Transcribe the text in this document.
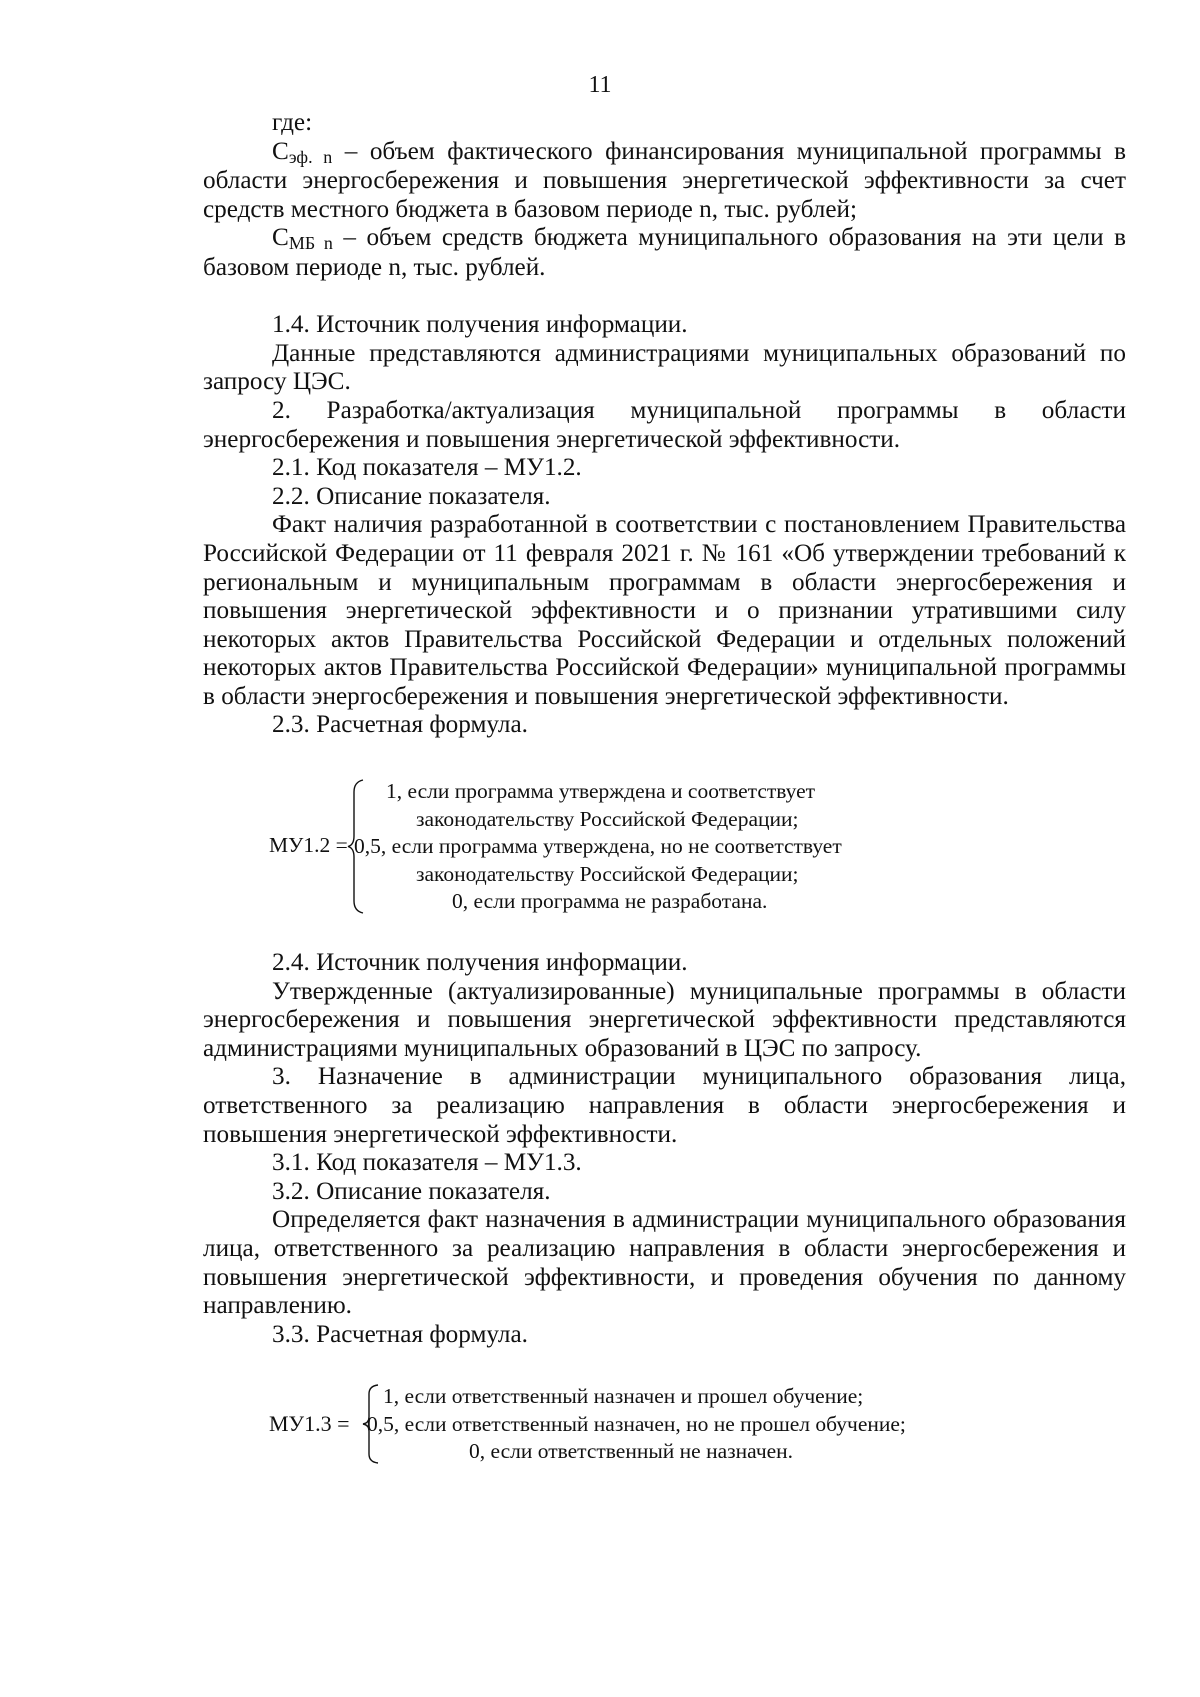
11

где:

Сэф. n – объем фактического финансирования муниципальной программы в области энергосбережения и повышения энергетической эффективности за счет средств местного бюджета в базовом периоде n, тыс. рублей;

СМБ n – объем средств бюджета муниципального образования на эти цели в базовом периоде n, тыс. рублей.

1.4. Источник получения информации.

Данные представляются администрациями муниципальных образований по запросу ЦЭС.

2. Разработка/актуализация муниципальной программы в области энергосбережения и повышения энергетической эффективности.

2.1. Код показателя – МУ1.2.

2.2. Описание показателя.

Факт наличия разработанной в соответствии с постановлением Правительства Российской Федерации от 11 февраля 2021 г. № 161 «Об утверждении требований к региональным и муниципальным программам в области энергосбережения и повышения энергетической эффективности и о признании утратившими силу некоторых актов Правительства Российской Федерации и отдельных положений некоторых актов Правительства Российской Федерации» муниципальной программы в области энергосбережения и повышения энергетической эффективности.

2.3. Расчетная формула.

МУ1.2 =
1, если программа утверждена и соответствует
законодательству Российской Федерации;
0,5, если программа утверждена, но не соответствует
законодательству Российской Федерации;
0, если программа не разработана.

2.4. Источник получения информации.

Утвержденные (актуализированные) муниципальные программы в области энергосбережения и повышения энергетической эффективности представляются администрациями муниципальных образований в ЦЭС по запросу.

3. Назначение в администрации муниципального образования лица, ответственного за реализацию направления в области энергосбережения и повышения энергетической эффективности.

3.1. Код показателя – МУ1.3.

3.2. Описание показателя.

Определяется факт назначения в администрации муниципального образования лица, ответственного за реализацию направления в области энергосбережения и повышения энергетической эффективности, и проведения обучения по данному направлению.

3.3. Расчетная формула.

МУ1.3 =
1, если ответственный назначен и прошел обучение;
0,5, если ответственный назначен, но не прошел обучение;
0, если ответственный не назначен.
